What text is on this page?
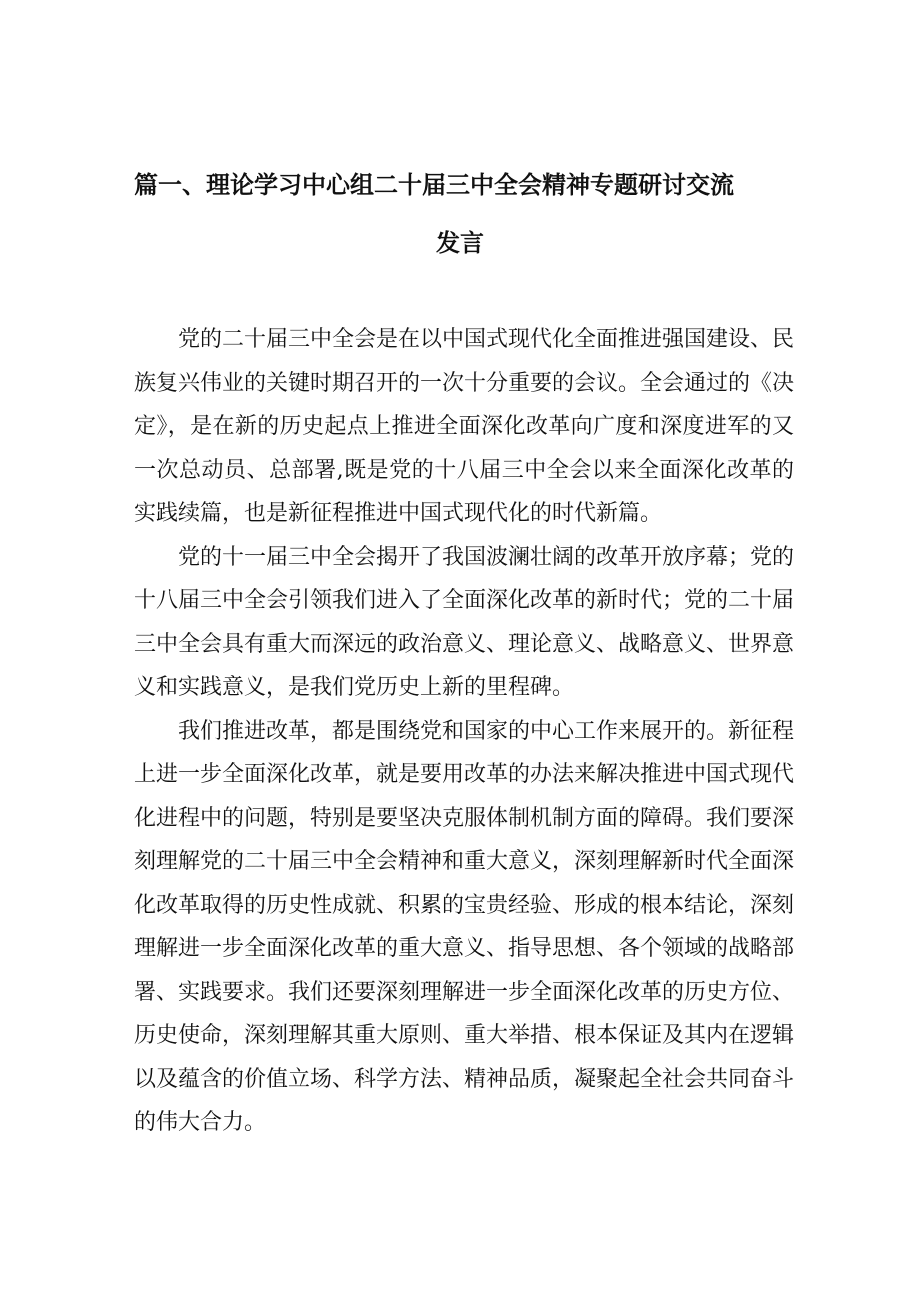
篇一、理论学习中心组二十届三中全会精神专题研讨交流
发言

党的二十届三中全会是在以中国式现代化全面推进强国建设、民族复兴伟业的关键时期召开的一次十分重要的会议。全会通过的《决定》，是在新的历史起点上推进全面深化改革向广度和深度进军的又一次总动员、总部署,既是党的十八届三中全会以来全面深化改革的实践续篇，也是新征程推进中国式现代化的时代新篇。

党的十一届三中全会揭开了我国波澜壮阔的改革开放序幕；党的十八届三中全会引领我们进入了全面深化改革的新时代；党的二十届三中全会具有重大而深远的政治意义、理论意义、战略意义、世界意义和实践意义，是我们党历史上新的里程碑。

我们推进改革，都是围绕党和国家的中心工作来展开的。新征程上进一步全面深化改革，就是要用改革的办法来解决推进中国式现代化进程中的问题，特别是要坚决克服体制机制方面的障碍。我们要深刻理解党的二十届三中全会精神和重大意义，深刻理解新时代全面深化改革取得的历史性成就、积累的宝贵经验、形成的根本结论，深刻理解进一步全面深化改革的重大意义、指导思想、各个领域的战略部署、实践要求。我们还要深刻理解进一步全面深化改革的历史方位、历史使命，深刻理解其重大原则、重大举措、根本保证及其内在逻辑以及蕴含的价值立场、科学方法、精神品质，凝聚起全社会共同奋斗的伟大合力。
